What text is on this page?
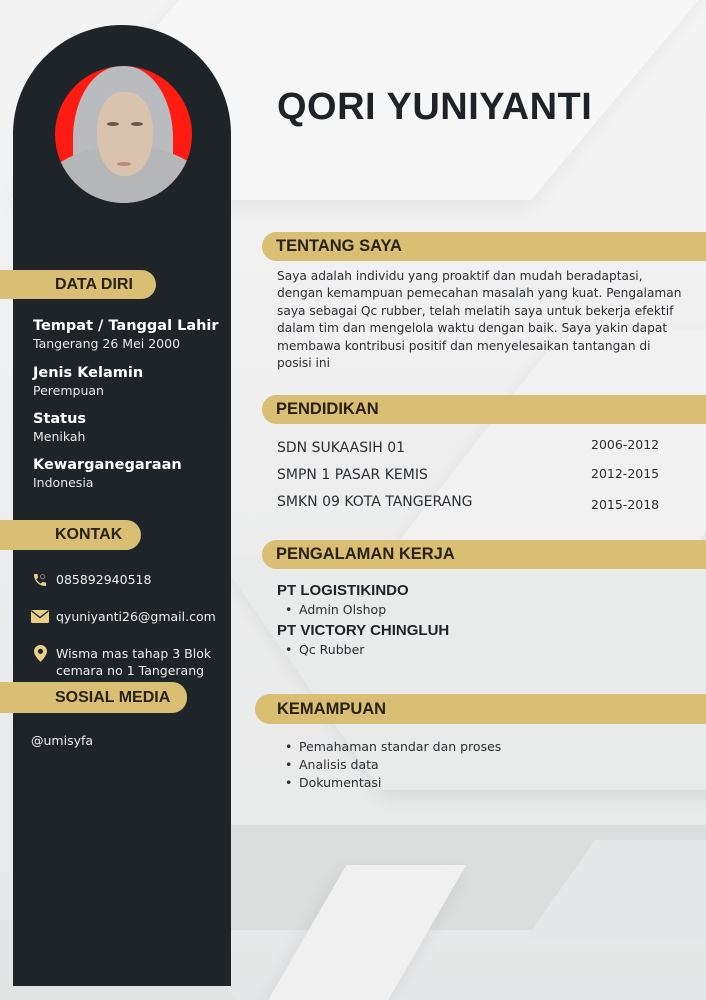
DATA DIRI
Tempat / Tanggal Lahir
Tangerang 26 Mei 2000
Jenis Kelamin
Perempuan
Status
Menikah
Kewarganegaraan
Indonesia
KONTAK
085892940518
qyuniyanti26@gmail.com
Wisma mas tahap 3 Blok
cemara no 1 Tangerang
SOSIAL MEDIA
@umisyfa
QORI YUNIYANTI
TENTANG SAYA
Saya adalah individu yang proaktif dan mudah beradaptasi,
dengan kemampuan pemecahan masalah yang kuat. Pengalaman
saya sebagai Qc rubber, telah melatih saya untuk bekerja efektif
dalam tim dan mengelola waktu dengan baik. Saya yakin dapat
membawa kontribusi positif dan menyelesaikan tantangan di
posisi ini
PENDIDIKAN
SDN SUKAASIH 01	2006-2012
SMPN 1 PASAR KEMIS	2012-2015
SMKN 09 KOTA TANGERANG	2015-2018
PENGALAMAN KERJA
PT LOGISTIKINDO
• Admin Olshop
PT VICTORY CHINGLUH
• Qc Rubber
KEMAMPUAN
• Pemahaman standar dan proses
• Analisis data
• Dokumentasi
